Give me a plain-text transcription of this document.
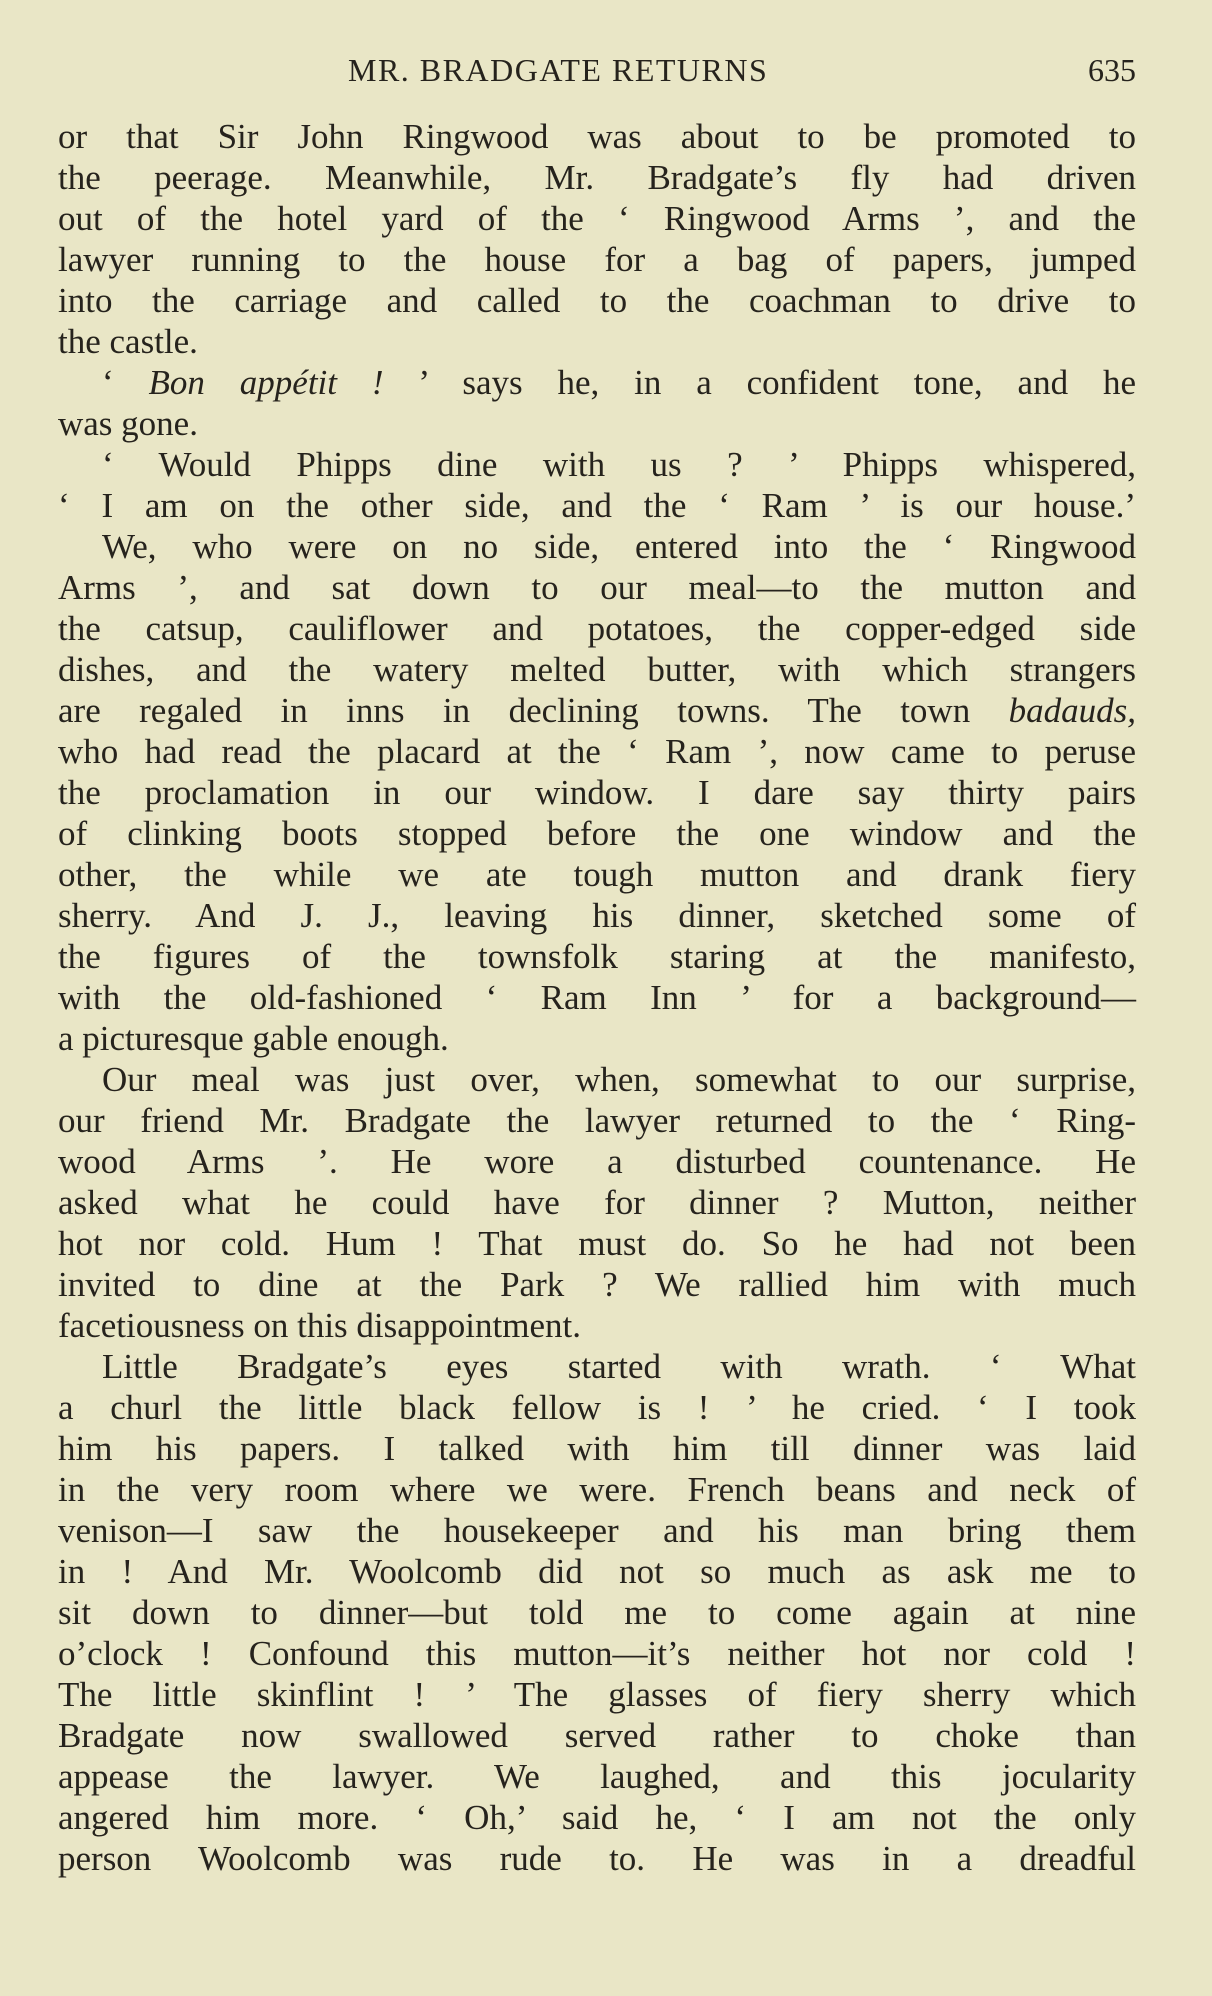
MR. BRADGATE RETURNS	635
or that Sir John Ringwood was about to be promoted to
the peerage. Meanwhile, Mr. Bradgate’s fly had driven
out of the hotel yard of the ‘ Ringwood Arms ’, and the
lawyer running to the house for a bag of papers, jumped
into the carriage and called to the coachman to drive to
the castle.
‘ Bon appétit ! ’ says he, in a confident tone, and he
was gone.
‘ Would Phipps dine with us ? ’ Phipps whispered,
‘ I am on the other side, and the ‘ Ram ’ is our house.’
We, who were on no side, entered into the ‘ Ringwood
Arms ’, and sat down to our meal—to the mutton and
the catsup, cauliflower and potatoes, the copper-edged side
dishes, and the watery melted butter, with which strangers
are regaled in inns in declining towns. The town badauds,
who had read the placard at the ‘ Ram ’, now came to peruse
the proclamation in our window. I dare say thirty pairs
of clinking boots stopped before the one window and the
other, the while we ate tough mutton and drank fiery
sherry. And J. J., leaving his dinner, sketched some of
the figures of the townsfolk staring at the manifesto,
with the old-fashioned ‘ Ram Inn ’ for a background—
a picturesque gable enough.
Our meal was just over, when, somewhat to our surprise,
our friend Mr. Bradgate the lawyer returned to the ‘ Ring-
wood Arms ’. He wore a disturbed countenance. He
asked what he could have for dinner ? Mutton, neither
hot nor cold. Hum ! That must do. So he had not been
invited to dine at the Park ? We rallied him with much
facetiousness on this disappointment.
Little Bradgate’s eyes started with wrath. ‘ What
a churl the little black fellow is ! ’ he cried. ‘ I took
him his papers. I talked with him till dinner was laid
in the very room where we were. French beans and neck of
venison—I saw the housekeeper and his man bring them
in ! And Mr. Woolcomb did not so much as ask me to
sit down to dinner—but told me to come again at nine
o’clock ! Confound this mutton—it’s neither hot nor cold !
The little skinflint ! ’ The glasses of fiery sherry which
Bradgate now swallowed served rather to choke than
appease the lawyer. We laughed, and this jocularity
angered him more. ‘ Oh,’ said he, ‘ I am not the only
person Woolcomb was rude to. He was in a dreadful
